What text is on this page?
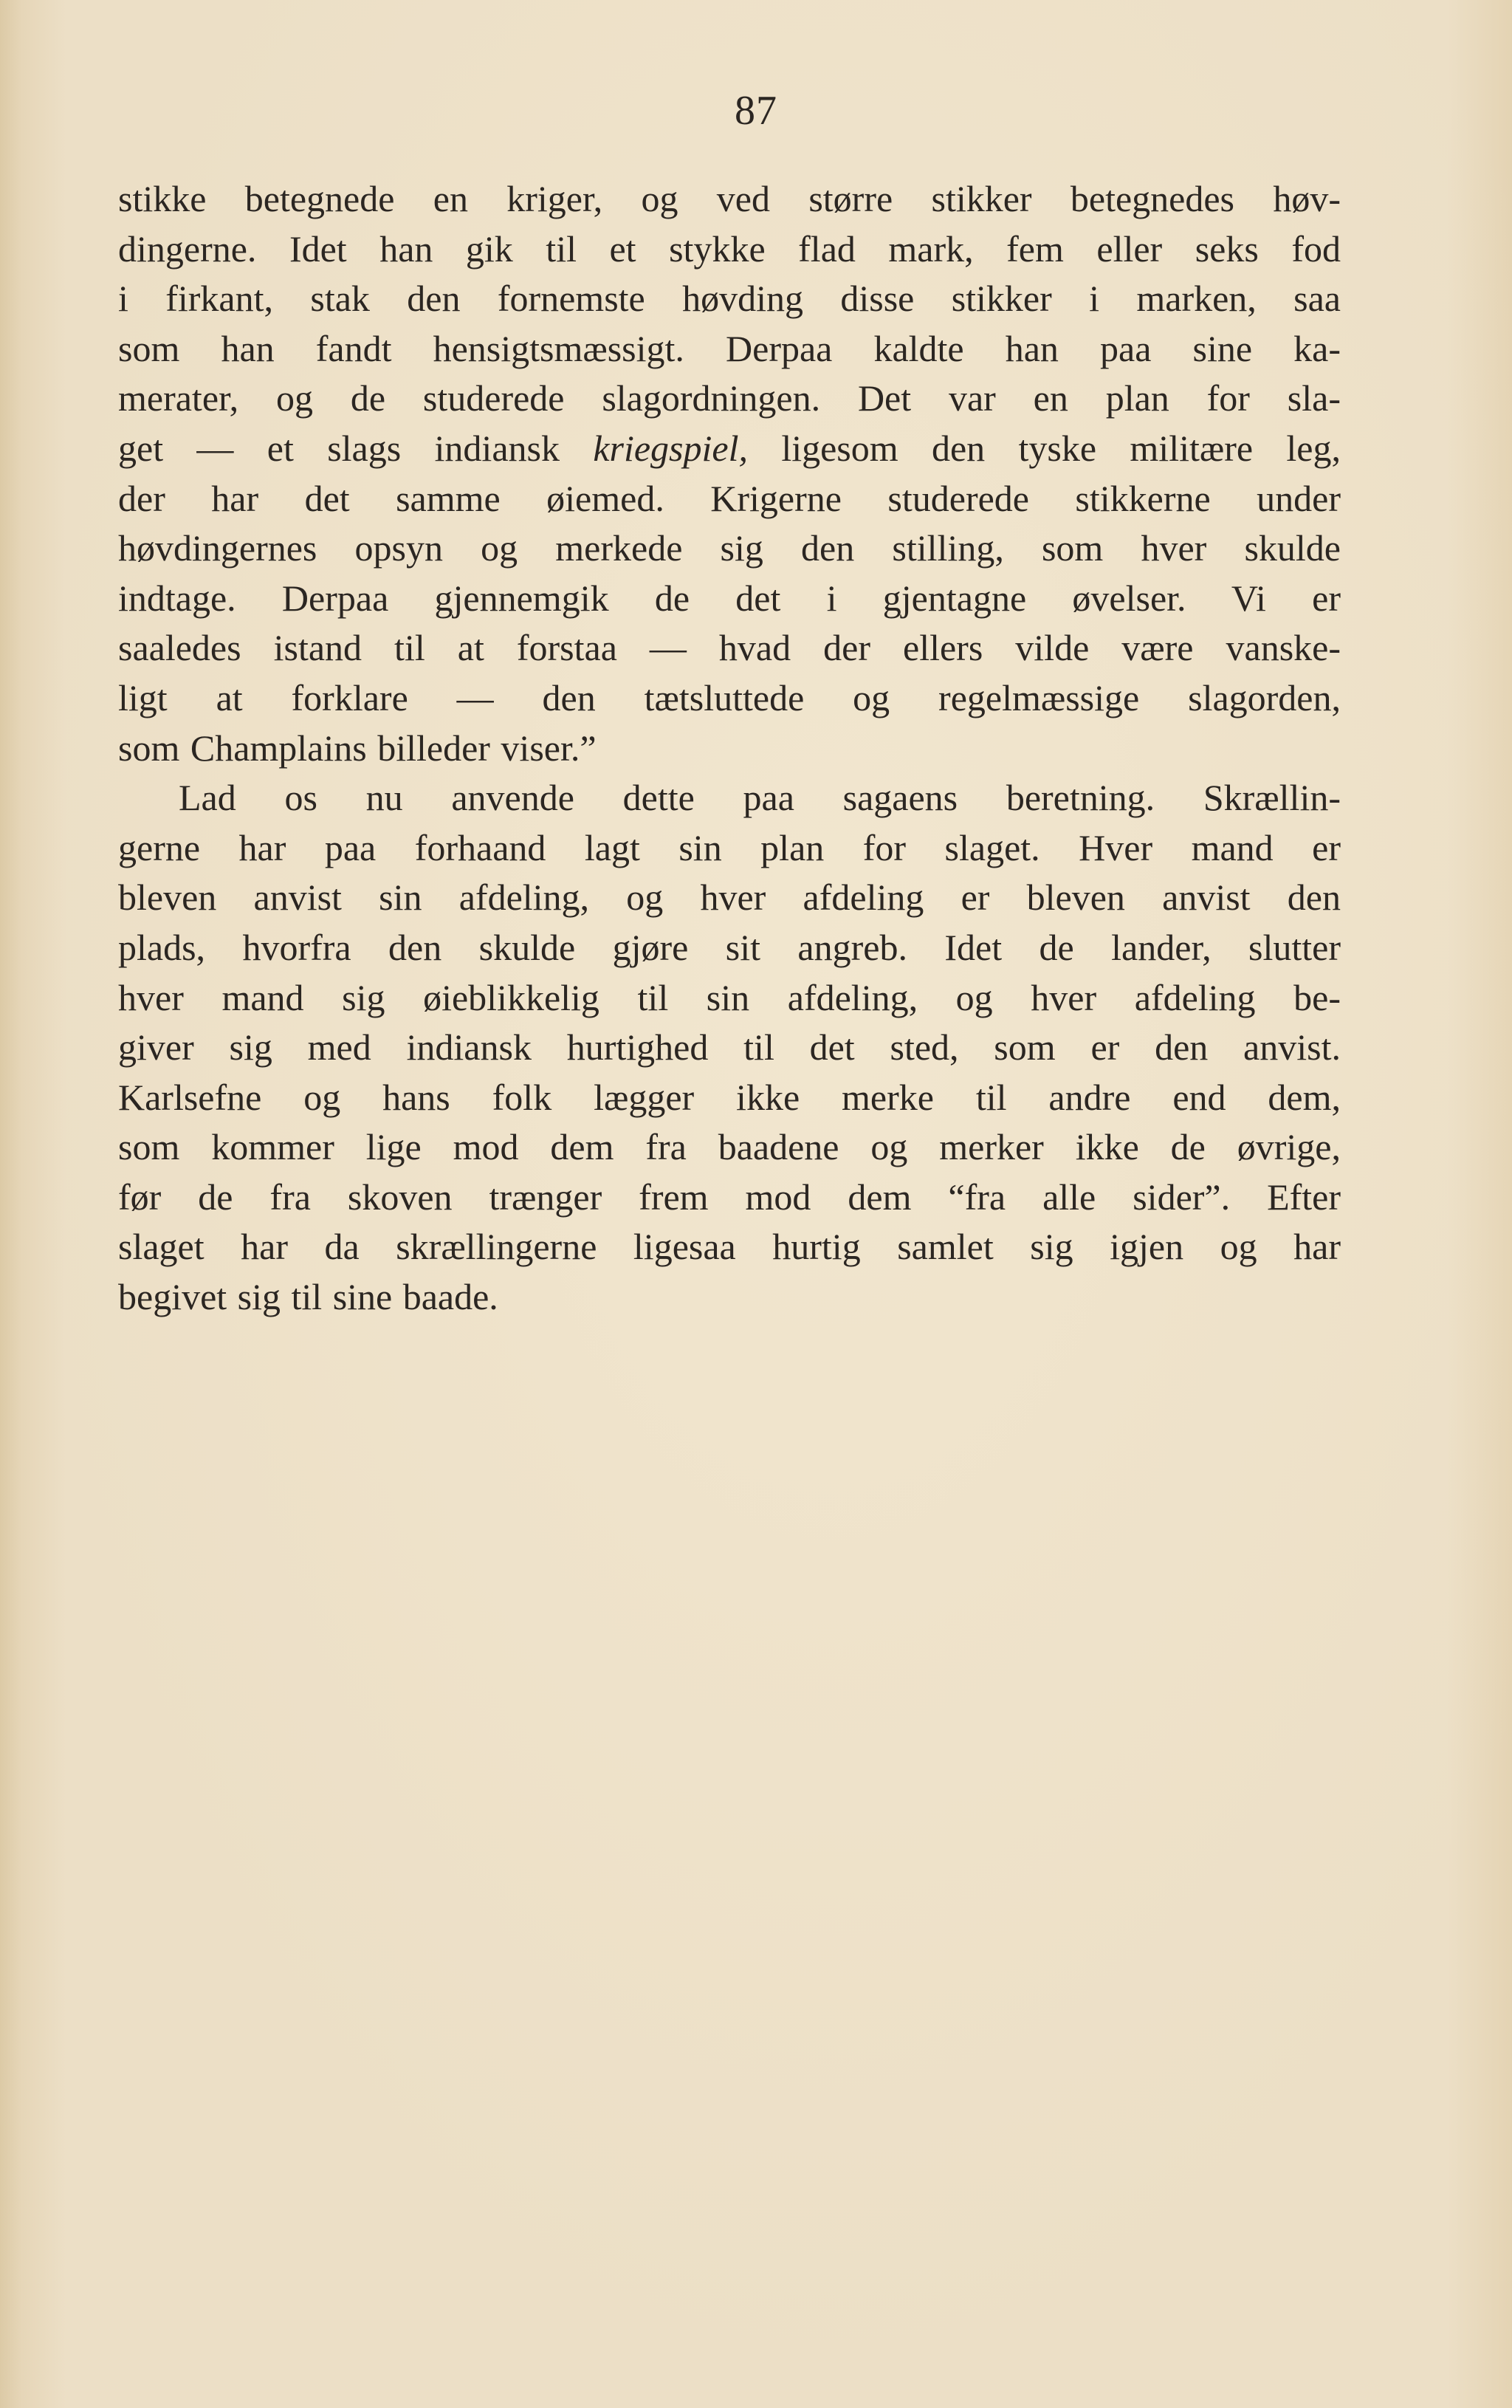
87
stikke betegnede en kriger, og ved større stikker betegnedes høv-
dingerne. Idet han gik til et stykke flad mark, fem eller seks fod
i firkant, stak den fornemste høvding disse stikker i marken, saa
som han fandt hensigtsmæssigt. Derpaa kaldte han paa sine ka-
merater, og de studerede slagordningen. Det var en plan for sla-
get — et slags indiansk kriegspiel, ligesom den tyske militære leg,
der har det samme øiemed. Krigerne studerede stikkerne under
høvdingernes opsyn og merkede sig den stilling, som hver skulde
indtage. Derpaa gjennemgik de det i gjentagne øvelser. Vi er
saaledes istand til at forstaa — hvad der ellers vilde være vanske-
ligt at forklare — den tætsluttede og regelmæssige slagorden,
som Champlains billeder viser.”
Lad os nu anvende dette paa sagaens beretning. Skrællin-
gerne har paa forhaand lagt sin plan for slaget. Hver mand er
bleven anvist sin afdeling, og hver afdeling er bleven anvist den
plads, hvorfra den skulde gjøre sit angreb. Idet de lander, slutter
hver mand sig øieblikkelig til sin afdeling, og hver afdeling be-
giver sig med indiansk hurtighed til det sted, som er den anvist.
Karlsefne og hans folk lægger ikke merke til andre end dem,
som kommer lige mod dem fra baadene og merker ikke de øvrige,
før de fra skoven trænger frem mod dem “fra alle sider”. Efter
slaget har da skrællingerne ligesaa hurtig samlet sig igjen og har
begivet sig til sine baade.
